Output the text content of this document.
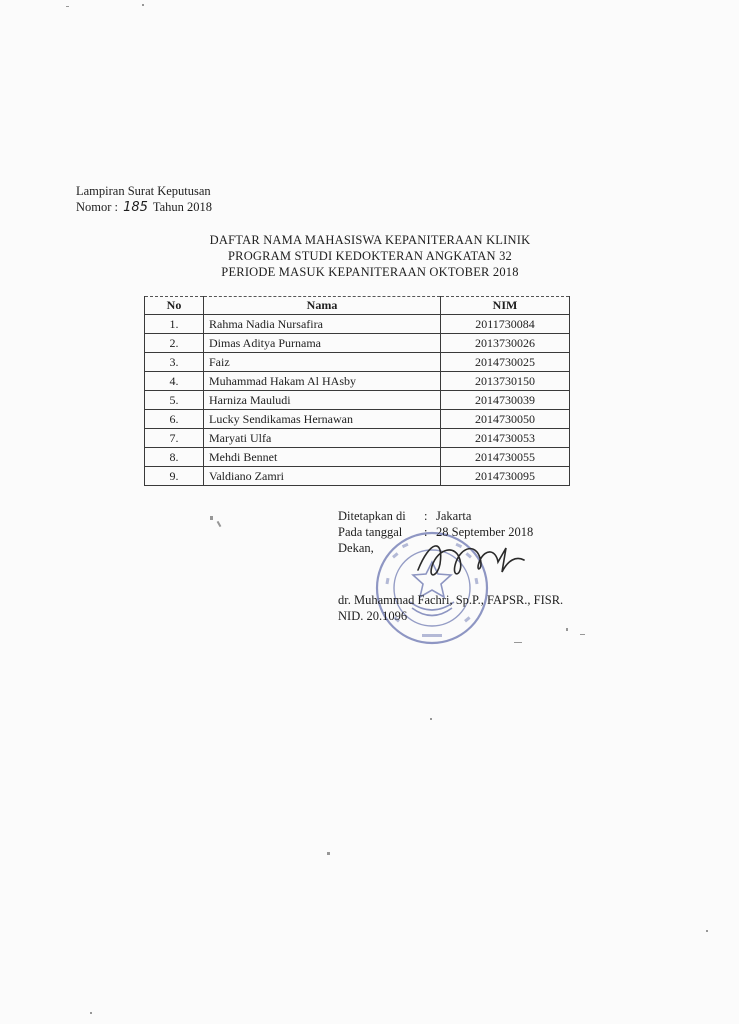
Lampiran Surat Keputusan
Nomor : 185 Tahun 2018
DAFTAR NAMA MAHASISWA KEPANITERAAN KLINIK
PROGRAM STUDI KEDOKTERAN ANGKATAN 32
PERIODE MASUK KEPANITERAAN OKTOBER 2018
No	Nama	NIM
1.	Rahma Nadia Nursafira	2011730084
2.	Dimas Aditya Purnama	2013730026
3.	Faiz	2014730025
4.	Muhammad Hakam Al HAsby	2013730150
5.	Harniza Mauludi	2014730039
6.	Lucky Sendikamas Hernawan	2014730050
7.	Maryati Ulfa	2014730053
8.	Mehdi Bennet	2014730055
9.	Valdiano Zamri	2014730095
Ditetapkan di	: Jakarta
Pada tanggal	: 28 September 2018
Dekan,
dr. Muhammad Fachri, Sp.P., FAPSR., FISR.
NID. 20.1096
